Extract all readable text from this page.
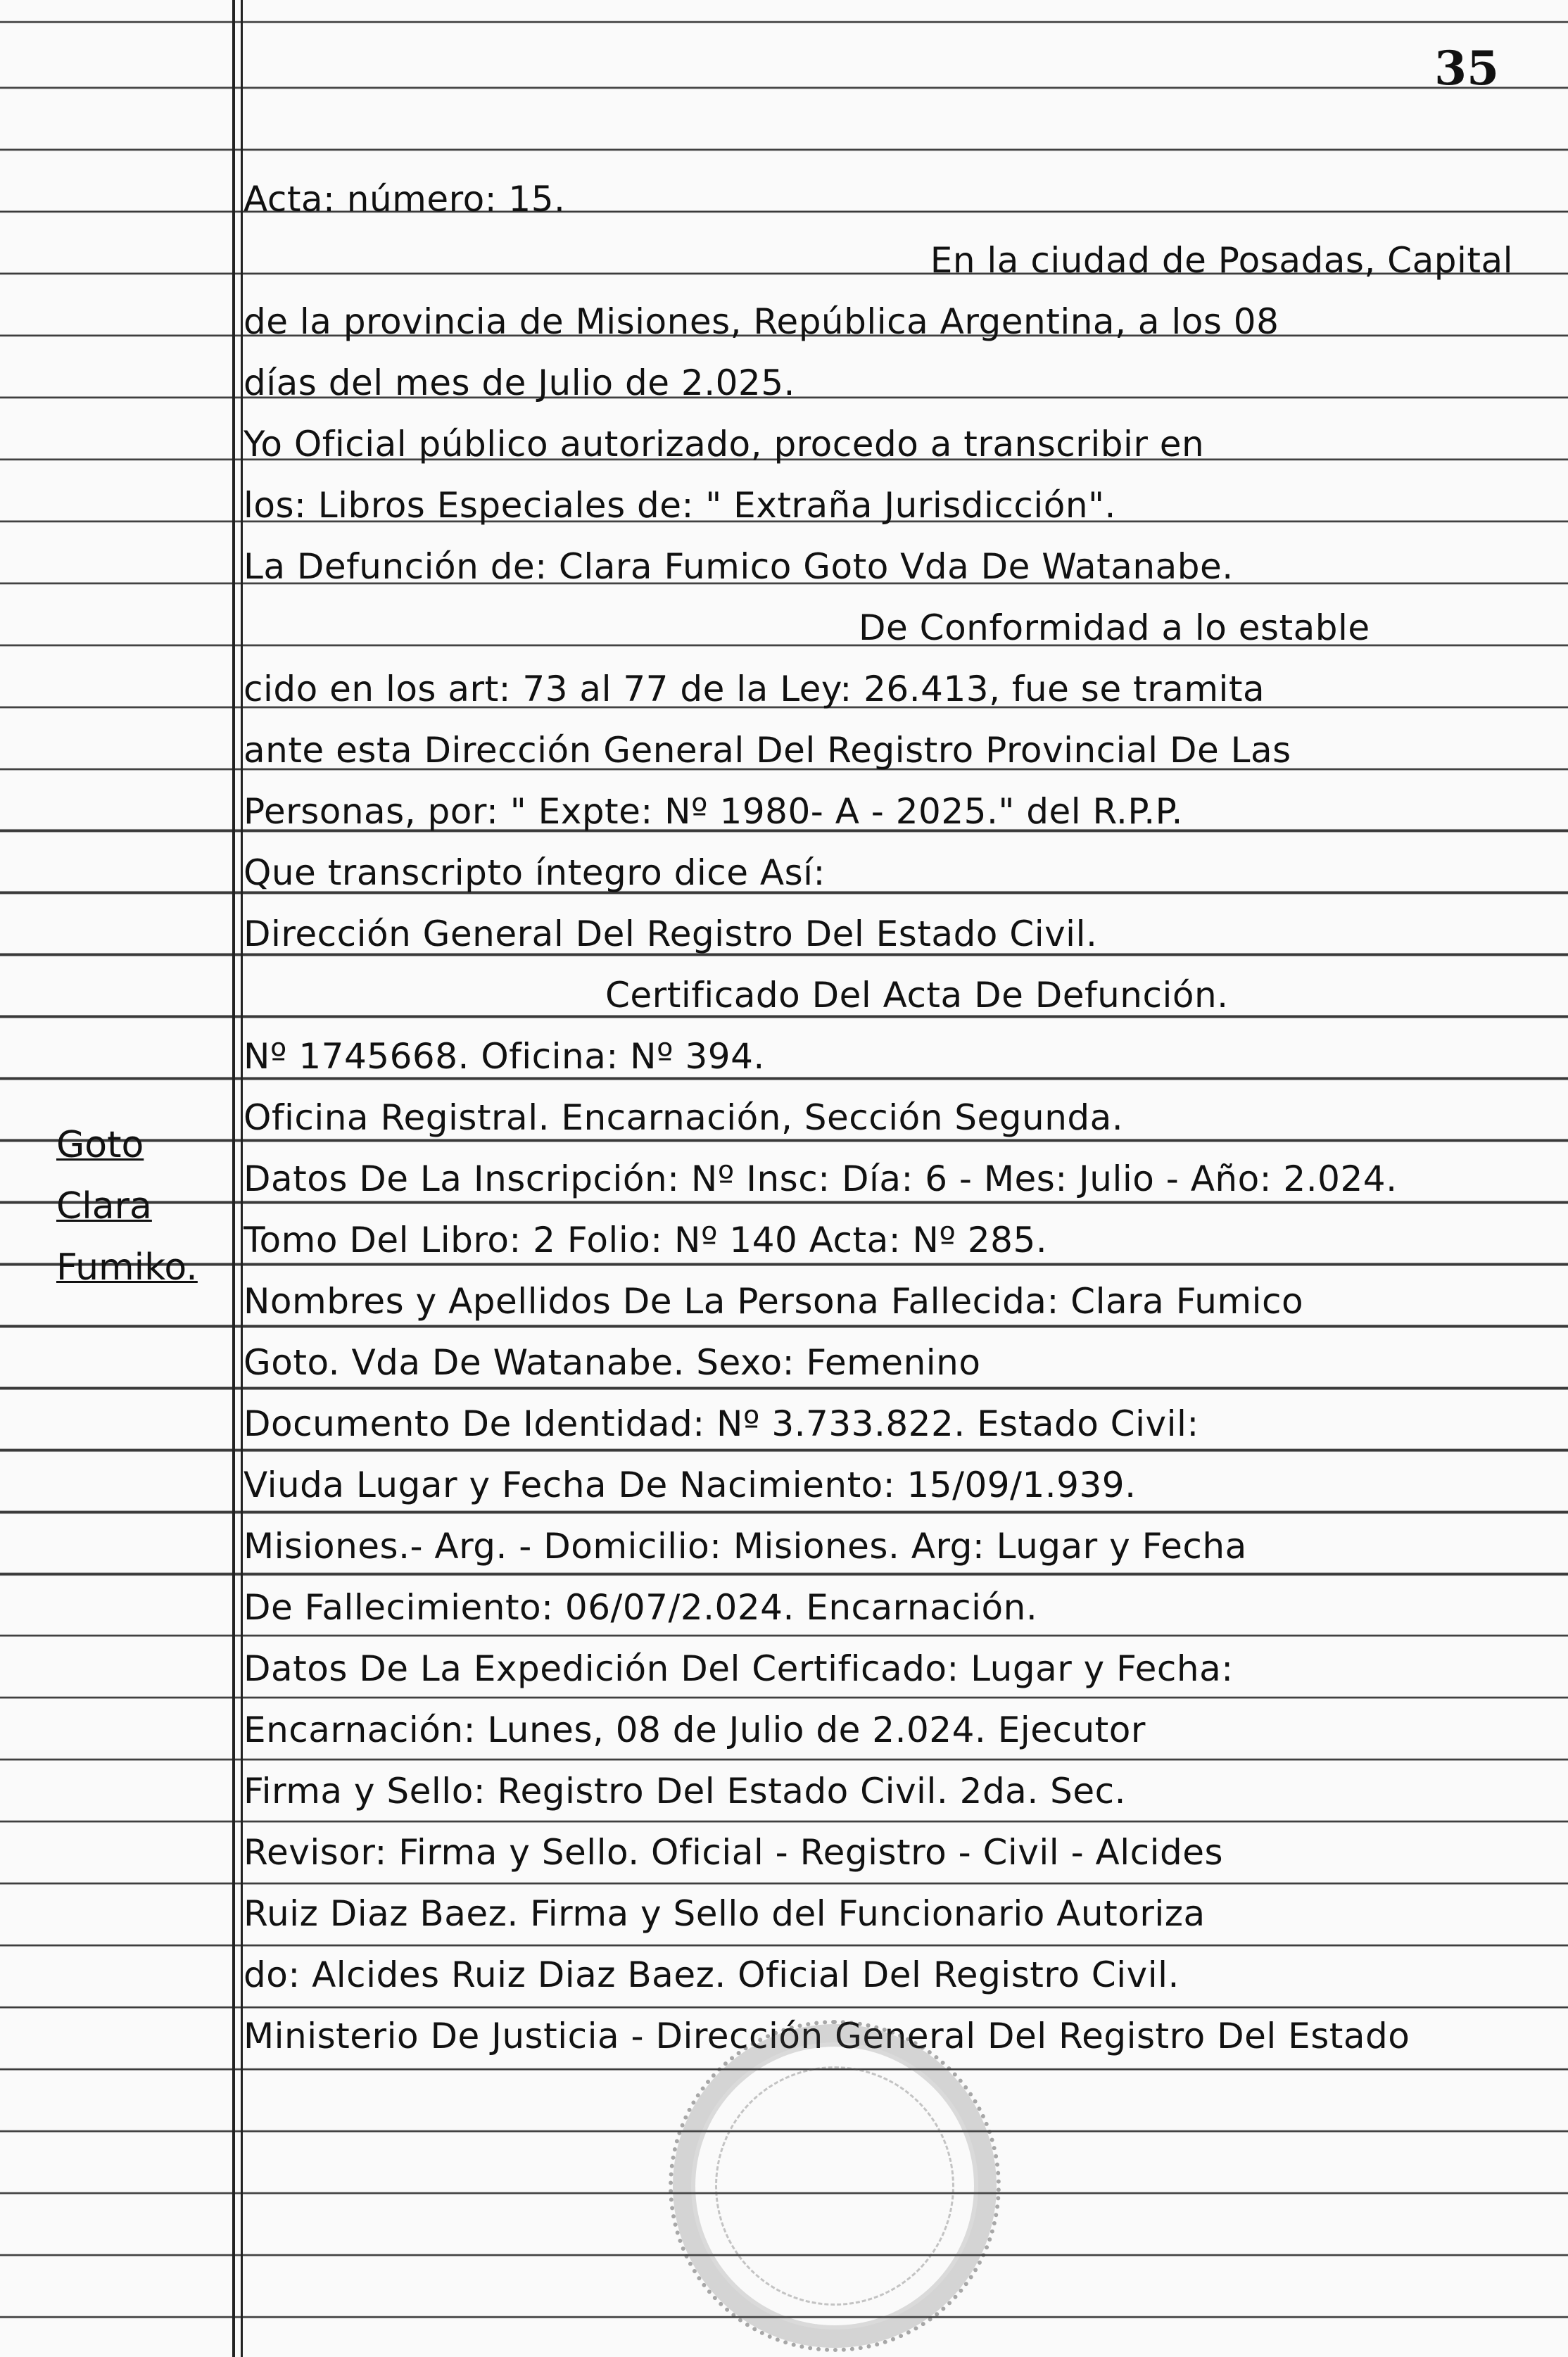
35
Goto
Clara
Fumiko.
Acta: número: 15.
En la ciudad de Posadas, Capital
de la provincia de Misiones, República Argentina, a los 08
días del mes de Julio de 2.025.
Yo Oficial público autorizado, procedo a transcribir en
los: Libros Especiales de: " Extraña Jurisdicción".
La Defunción de: Clara Fumico Goto Vda De Watanabe.
De Conformidad a lo estable
cido en los art: 73 al 77 de la Ley: 26.413, fue se tramita
ante esta Dirección General Del Registro Provincial De Las
Personas, por: " Expte: Nº 1980- A - 2025." del R.P.P.
Que transcripto íntegro dice Así:
Dirección General Del Registro Del Estado Civil.
Certificado Del Acta De Defunción.
Nº 1745668. Oficina: Nº 394.
Oficina Registral. Encarnación, Sección Segunda.
Datos De La Inscripción: Nº Insc: Día: 6 - Mes: Julio - Año: 2.024.
Tomo Del Libro: 2 Folio: Nº 140 Acta: Nº 285.
Nombres y Apellidos De La Persona Fallecida: Clara Fumico
Goto. Vda De Watanabe. Sexo: Femenino
Documento De Identidad: Nº 3.733.822. Estado Civil:
Viuda Lugar y Fecha De Nacimiento: 15/09/1.939.
Misiones.- Arg. - Domicilio: Misiones. Arg: Lugar y Fecha
De Fallecimiento: 06/07/2.024. Encarnación.
Datos De La Expedición Del Certificado: Lugar y Fecha:
Encarnación: Lunes, 08 de Julio de 2.024. Ejecutor
Firma y Sello: Registro Del Estado Civil. 2da. Sec.
Revisor: Firma y Sello. Oficial - Registro - Civil - Alcides
Ruiz Diaz Baez. Firma y Sello del Funcionario Autoriza
do: Alcides Ruiz Diaz Baez. Oficial Del Registro Civil.
Ministerio De Justicia - Dirección General Del Registro Del Estado
